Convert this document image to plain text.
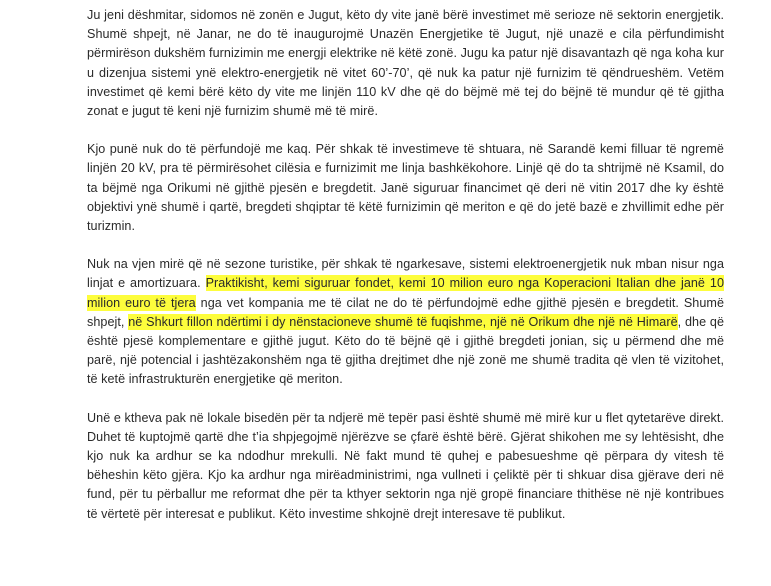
Ju jeni dëshmitar, sidomos në zonën e Jugut, këto dy vite janë bërë investimet më serioze në sektorin energjetik. Shumë shpejt, në Janar, ne do të inaugurojmë Unazën Energjetike të Jugut, një unazë e cila përfundimisht përmirëson dukshëm furnizimin me energji elektrike në këtë zonë. Jugu ka patur një disavantazh që nga koha kur u dizenjua sistemi ynë elektro-energjetik në vitet 60’-70’, që nuk ka patur një furnizim të qëndrueshëm. Vetëm investimet që kemi bërë këto dy vite me linjën 110 kV dhe që do bëjmë më tej do bëjnë të mundur që të gjitha zonat e jugut të keni një furnizim shumë më të mirë.

Kjo punë nuk do të përfundojë me kaq. Për shkak të investimeve të shtuara, në Sarandë kemi filluar të ngremë linjën 20 kV, pra të përmirësohet cilësia e furnizimit me linja bashkëkohore. Linjë që do ta shtrijmë në Ksamil, do ta bëjmë nga Orikumi në gjithë pjesën e bregdetit. Janë siguruar financimet që deri në vitin 2017 dhe ky është objektivi ynë shumë i qartë, bregdeti shqiptar të këtë furnizimin që meriton e që do jetë bazë e zhvillimit edhe për turizmin.

Nuk na vjen mirë që në sezone turistike, për shkak të ngarkesave, sistemi elektroenergjetik nuk mban nisur nga linjat e amortizuara. Praktikisht, kemi siguruar fondet, kemi 10 milion euro nga Koperacioni Italian dhe janë 10 milion euro të tjera nga vet kompania me të cilat ne do të përfundojmë edhe gjithë pjesën e bregdetit. Shumë shpejt, në Shkurt fillon ndërtimi i dy nënstacioneve shumë të fuqishme, një në Orikum dhe një në Himarë, dhe që është pjesë komplementare e gjithë jugut. Këto do të bëjnë që i gjithë bregdeti jonian, siç u përmend dhe më parë, një potencial i jashtëzakonshëm nga të gjitha drejtimet dhe një zonë me shumë tradita që vlen të vizitohet, të ketë infrastrukturën energjetike që meriton.

Unë e ktheva pak në lokale bisedën për ta ndjerë më tepër pasi është shumë më mirë kur u flet qytetarëve direkt. Duhet të kuptojmë qartë dhe t’ia shpjegojmë njërëzve se çfarë është bërë. Gjërat shikohen me sy lehtësisht, dhe kjo nuk ka ardhur se ka ndodhur mrekulli. Në fakt mund të quhej e pabesueshme që përpara dy vitesh të bëheshin këto gjëra. Kjo ka ardhur nga mirëadministrimi, nga vullneti i çeliktë për ti shkuar disa gjërave deri në fund, për tu përballur me reformat dhe për ta kthyer sektorin nga një gropë financiare thithëse në një kontribues të vërtetë për interesat e publikut. Këto investime shkojnë drejt interesave të publikut.
